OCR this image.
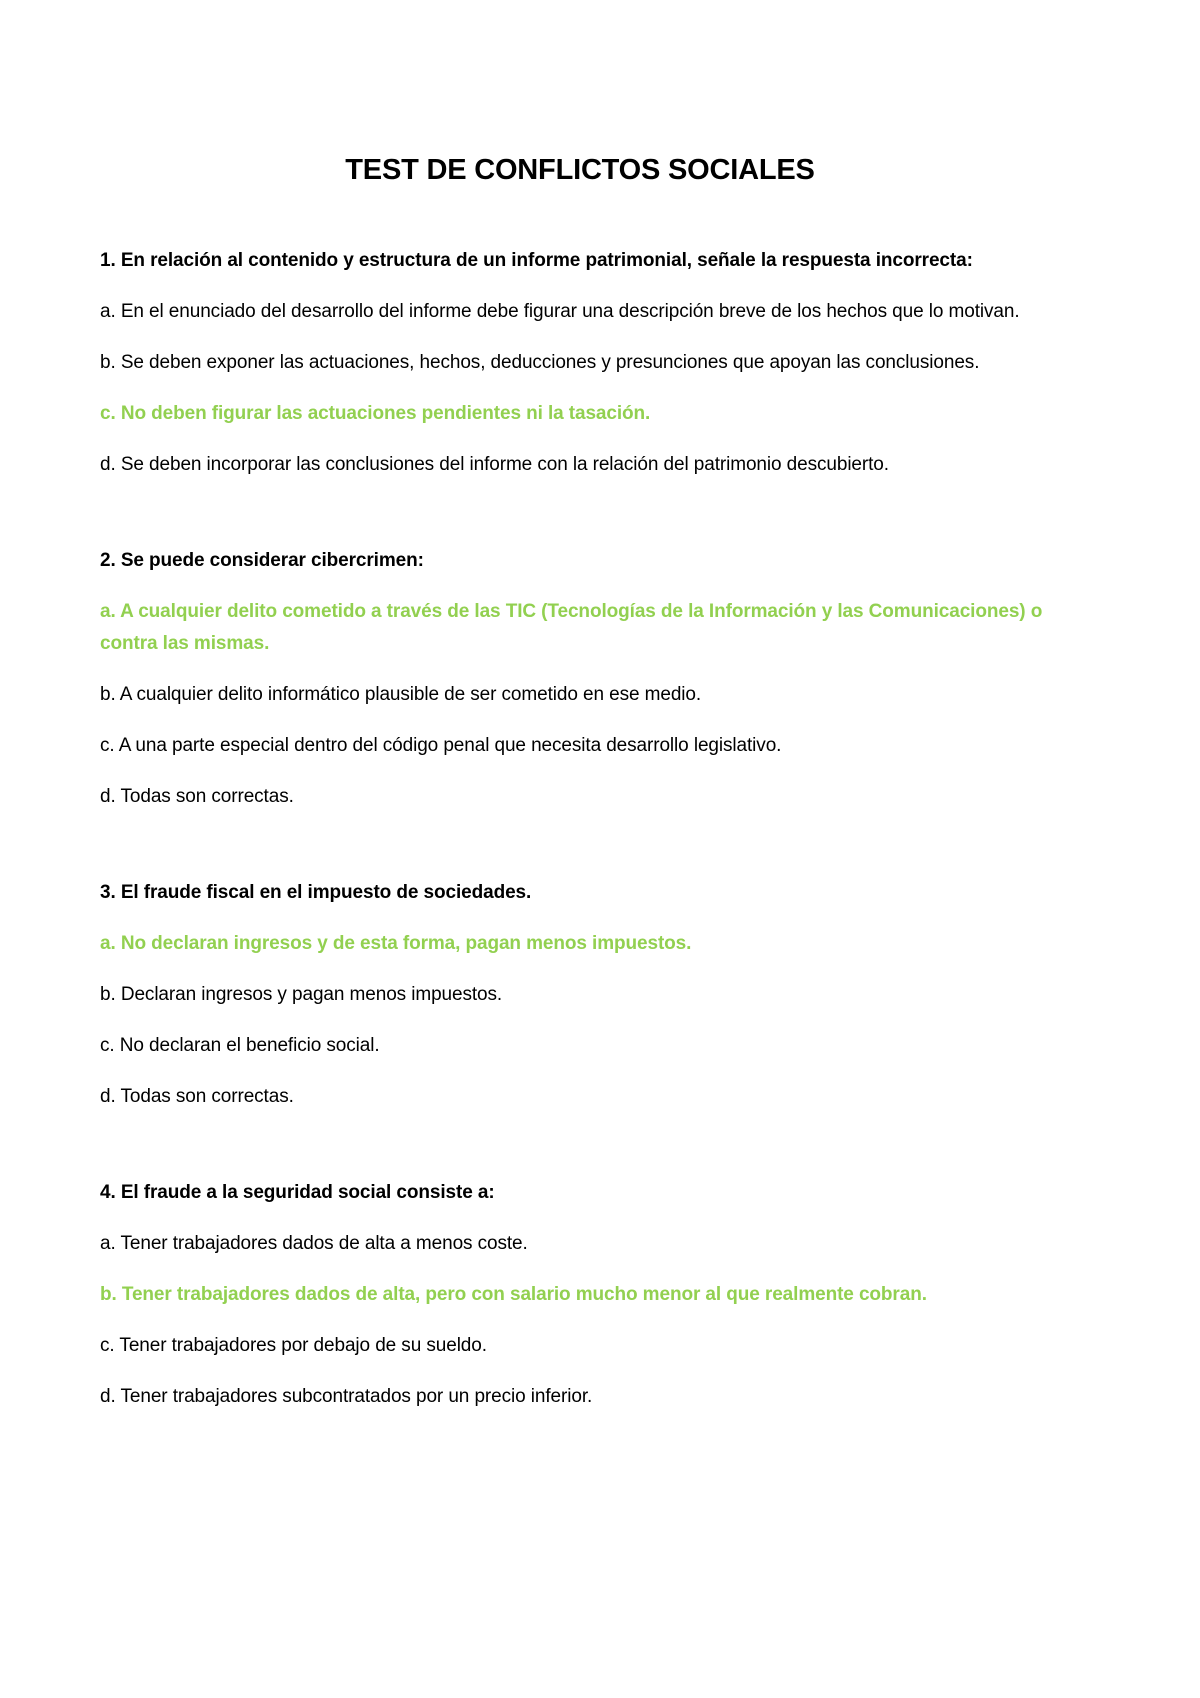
TEST DE CONFLICTOS SOCIALES

1. En relación al contenido y estructura de un informe patrimonial, señale la respuesta incorrecta:

a. En el enunciado del desarrollo del informe debe figurar una descripción breve de los hechos que lo motivan.

b. Se deben exponer las actuaciones, hechos, deducciones y presunciones que apoyan las conclusiones.

c. No deben figurar las actuaciones pendientes ni la tasación.

d. Se deben incorporar las conclusiones del informe con la relación del patrimonio descubierto.

2. Se puede considerar cibercrimen:

a. A cualquier delito cometido a través de las TIC (Tecnologías de la Información y las Comunicaciones) o contra las mismas.

b. A cualquier delito informático plausible de ser cometido en ese medio.

c. A una parte especial dentro del código penal que necesita desarrollo legislativo.

d. Todas son correctas.

3. El fraude fiscal en el impuesto de sociedades.

a. No declaran ingresos y de esta forma, pagan menos impuestos.

b. Declaran ingresos y pagan menos impuestos.

c. No declaran el beneficio social.

d. Todas son correctas.

4. El fraude a la seguridad social consiste a:

a. Tener trabajadores dados de alta a menos coste.

b. Tener trabajadores dados de alta, pero con salario mucho menor al que realmente cobran.

c. Tener trabajadores por debajo de su sueldo.

d. Tener trabajadores subcontratados por un precio inferior.
